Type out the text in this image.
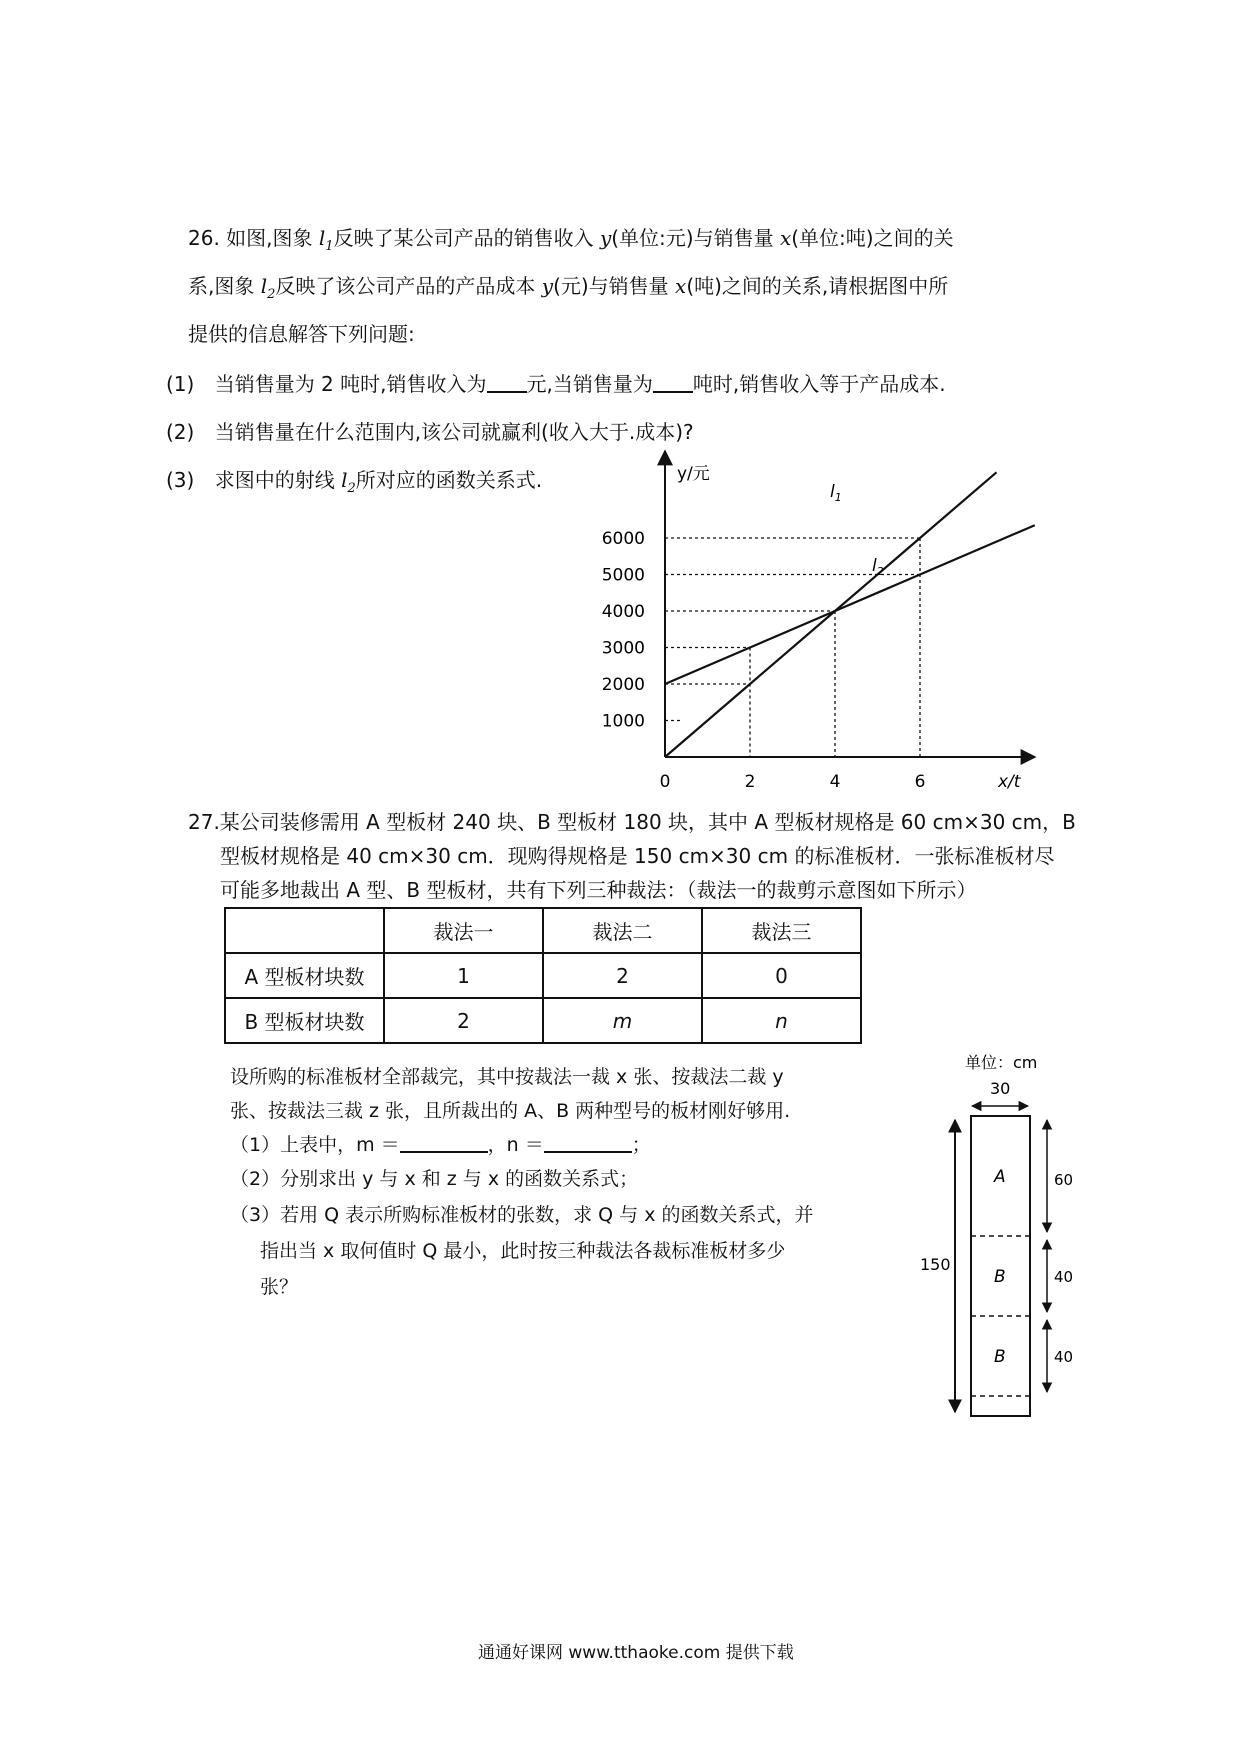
26. 如图,图象 $l_1$反映了某公司产品的销售收入 y(单位:元)与销售量 x(单位:吨)之间的关
系,图象 $l_2$反映了该公司产品的产品成本 y(元)与销售量 x(吨)之间的关系,请根据图中所
提供的信息解答下列问题:
(1) 当销售量为 2 吨时,销售收入为 元,当销售量为 吨时,销售收入等于产品成本.
(2) 当销售量在什么范围内,该公司就赢利(收入大于.成本)?
(3) 求图中的射线 $l_2$所对应的函数关系式.	$l_1$
$l_2$
1000
2000
3000
4000
5000
6000
2	4	6
0	x/t
y/元
27.某公司装修需用 A 型板材 240 块、B 型板材 180 块，其中 A 型板材规格是 60 cm×30 cm，B
型板材规格是 40 cm×30 cm．现购得规格是 150 cm×30 cm 的标准板材．一张标准板材尽
可能多地裁出 A 型、B 型板材，共有下列三种裁法：（裁法一的裁剪示意图如下所示）
	裁法一	裁法二	裁法三
A 型板材块数	1	2	0
B 型板材块数	2	m	n
设所购的标准板材全部裁完，其中按裁法一裁 x 张、按裁法二裁 y
张、按裁法三裁 z 张，且所裁出的 A、B 两种型号的板材刚好够用.
（1）上表中，m ＝	，n ＝	；
（2）分别求出 y 与 x 和 z 与 x 的函数关系式；
（3）若用 Q 表示所购标准板材的张数，求 Q 与 x 的函数关系式，并
指出当 x 取何值时 Q 最小，此时按三种裁法各裁标准板材多少
张？
单位：cm
30
A
B
B
150
60
40
40
通通好课网 www.tthaoke.com 提供下载
